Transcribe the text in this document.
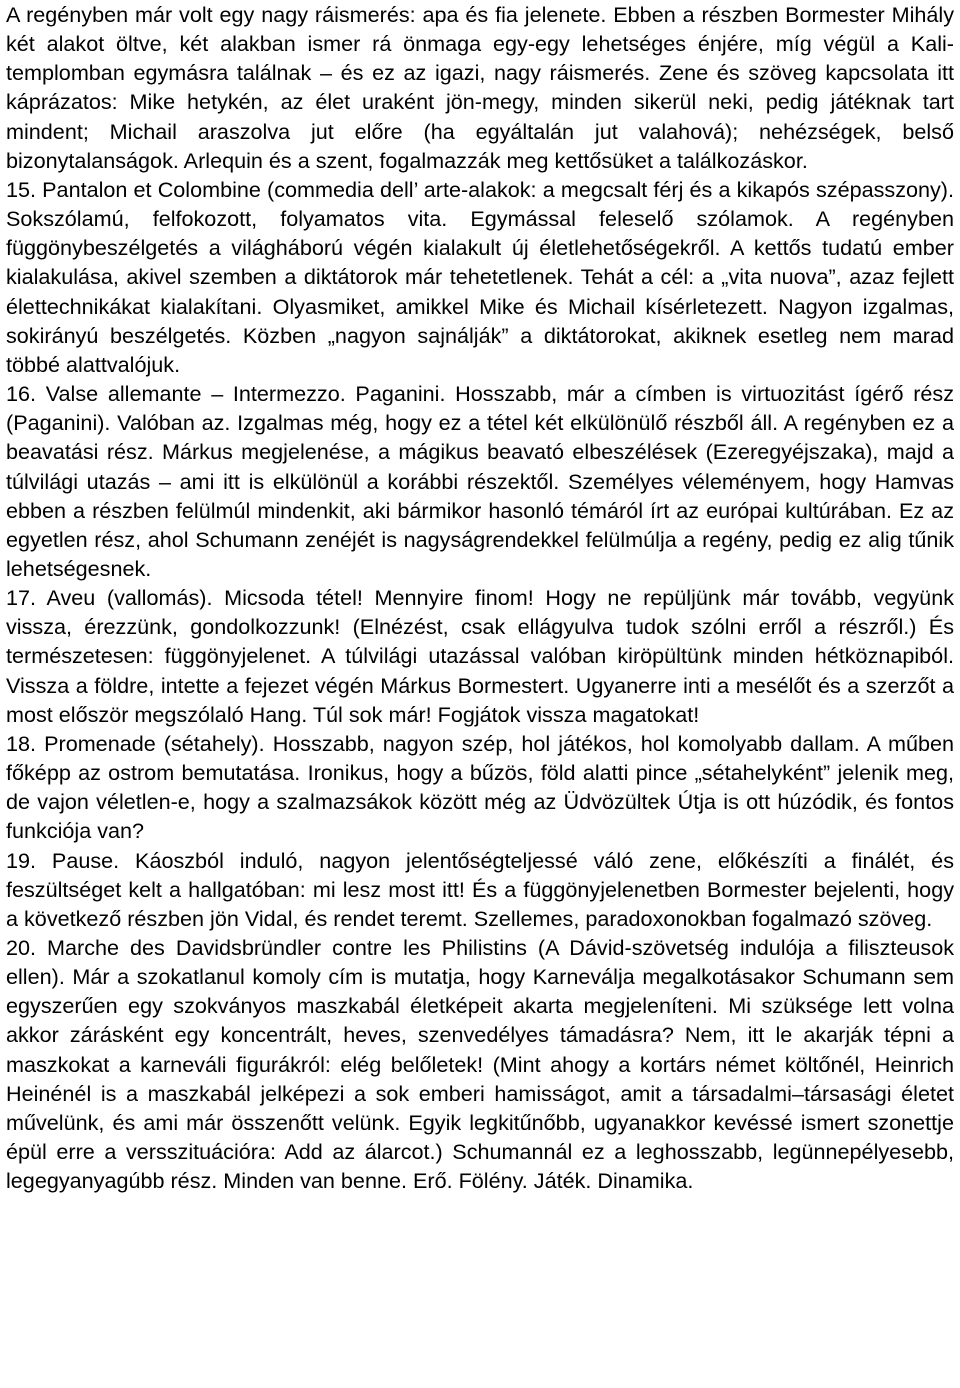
A regényben már volt egy nagy ráismerés: apa és fia jelenete. Ebben a részben Bormester Mihály két alakot öltve, két alakban ismer rá önmaga egy-egy lehetséges énjére, míg végül a Kali-templomban egymásra találnak – és ez az igazi, nagy ráismerés. Zene és szöveg kapcsolata itt káprázatos: Mike hetykén, az élet uraként jön-megy, minden sikerül neki, pedig játéknak tart mindent; Michail araszolva jut előre (ha egyáltalán jut valahová); nehézségek, belső bizonytalanságok. Arlequin és a szent, fogalmazzák meg kettősüket a találkozáskor.

15. Pantalon et Colombine (commedia dell’ arte-alakok: a megcsalt férj és a kikapós szépasszony). Sokszólamú, felfokozott, folyamatos vita. Egymással feleselő szólamok. A regényben függönybeszélgetés a világháború végén kialakult új életlehetőségekről. A kettős tudatú ember kialakulása, akivel szemben a diktátorok már tehetetlenek. Tehát a cél: a „vita nuova”, azaz fejlett élettechnikákat kialakítani. Olyasmiket, amikkel Mike és Michail kísérletezett. Nagyon izgalmas, sokirányú beszélgetés. Közben „nagyon sajnálják” a diktátorokat, akiknek esetleg nem marad többé alattvalójuk.

16. Valse allemante – Intermezzo. Paganini. Hosszabb, már a címben is virtuozitást ígérő rész (Paganini). Valóban az. Izgalmas még, hogy ez a tétel két elkülönülő részből áll. A regényben ez a beavatási rész. Márkus megjelenése, a mágikus beavató elbeszélések (Ezeregyéjszaka), majd a túlvilági utazás – ami itt is elkülönül a korábbi részektől. Személyes véleményem, hogy Hamvas ebben a részben felülmúl mindenkit, aki bármikor hasonló témáról írt az európai kultúrában. Ez az egyetlen rész, ahol Schumann zenéjét is nagyságrendekkel felülmúlja a regény, pedig ez alig tűnik lehetségesnek.

17. Aveu (vallomás). Micsoda tétel! Mennyire finom! Hogy ne repüljünk már tovább, vegyünk vissza, érezzünk, gondolkozzunk! (Elnézést, csak ellágyulva tudok szólni erről a részről.) És természetesen: függönyjelenet. A túlvilági utazással valóban kiröpültünk minden hétköznapiból. Vissza a földre, intette a fejezet végén Márkus Bormestert. Ugyanerre inti a mesélőt és a szerzőt a most először megszólaló Hang. Túl sok már! Fogjátok vissza magatokat!

18. Promenade (sétahely). Hosszabb, nagyon szép, hol játékos, hol komolyabb dallam. A műben főképp az ostrom bemutatása. Ironikus, hogy a bűzös, föld alatti pince „sétahelyként” jelenik meg, de vajon véletlen-e, hogy a szalmazsákok között még az Üdvözültek Útja is ott húzódik, és fontos funkciója van?

19. Pause. Káoszból induló, nagyon jelentőségteljessé váló zene, előkészíti a finálét, és feszültséget kelt a hallgatóban: mi lesz most itt! És a függönyjelenetben Bormester bejelenti, hogy a következő részben jön Vidal, és rendet teremt. Szellemes, paradoxonokban fogalmazó szöveg.

20. Marche des Davidsbründler contre les Philistins (A Dávid-szövetség indulója a filiszteusok ellen). Már a szokatlanul komoly cím is mutatja, hogy Karneválja megalkotásakor Schumann sem egyszerűen egy szokványos maszkabál életképeit akarta megjeleníteni. Mi szüksége lett volna akkor zárásként egy koncentrált, heves, szenvedélyes támadásra? Nem, itt le akarják tépni a maszkokat a karneváli figurákról: elég belőletek! (Mint ahogy a kortárs német költőnél, Heinrich Heinénél is a maszkabál jelképezi a sok emberi hamisságot, amit a társadalmi–társasági életet művelünk, és ami már összenőtt velünk. Egyik legkitűnőbb, ugyanakkor kevéssé ismert szonettje épül erre a versszituációra: Add az álarcot.) Schumannál ez a leghosszabb, legünnepélyesebb, legegyanyagúbb rész. Minden van benne. Erő. Fölény. Játék. Dinamika.
